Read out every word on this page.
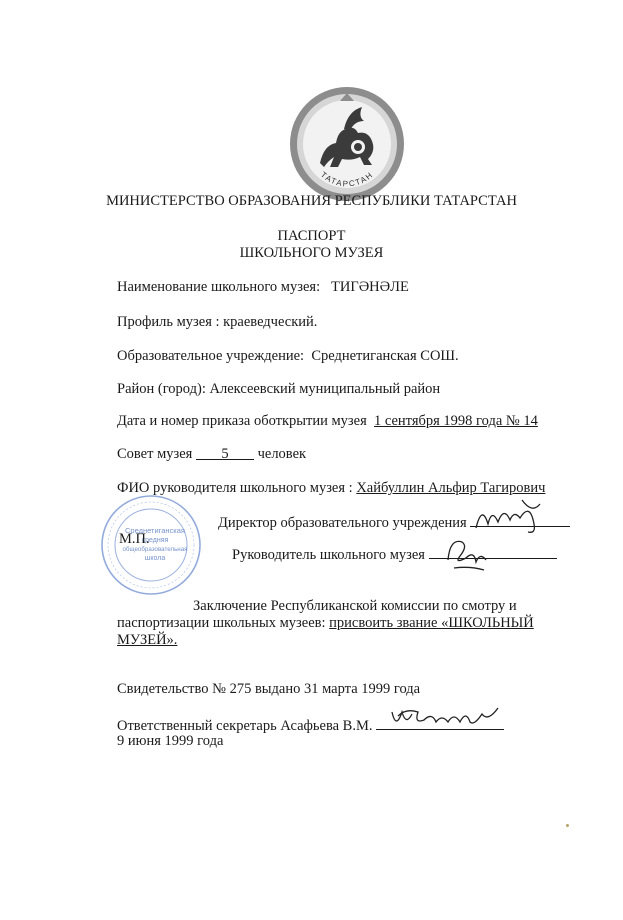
ТАТАРСТАН
МИНИСТЕРСТВО ОБРАЗОВАНИЯ РЕСПУБЛИКИ ТАТАРСТАН
ПАСПОРТ
ШКОЛЬНОГО МУЗЕЯ
Наименование школьного музея: ТИГӘНӘЛЕ
Профиль музея : краеведческий.
Образовательное учреждение: Среднетиганская СОШ.
Район (город): Алексеевский муниципальный район
Дата и номер приказа оботкрытии музея 1 сентября 1998 года № 14
Совет музея 5 человек
ФИО руководителя школьного музея : Хайбуллин Альфир Тагирович
Среднетиганская
средняя
общеобразовательная
школа
Директор образовательного учреждения
М.П.
Руководитель школьного музея
Заключение Республиканской комиссии по смотру и
паспортизации школьных музеев: присвоить звание «ШКОЛЬНЫЙ
МУЗЕЙ».
Свидетельство № 275 выдано 31 марта 1999 года
Ответственный секретарь Асафьева В.М.
9 июня 1999 года
